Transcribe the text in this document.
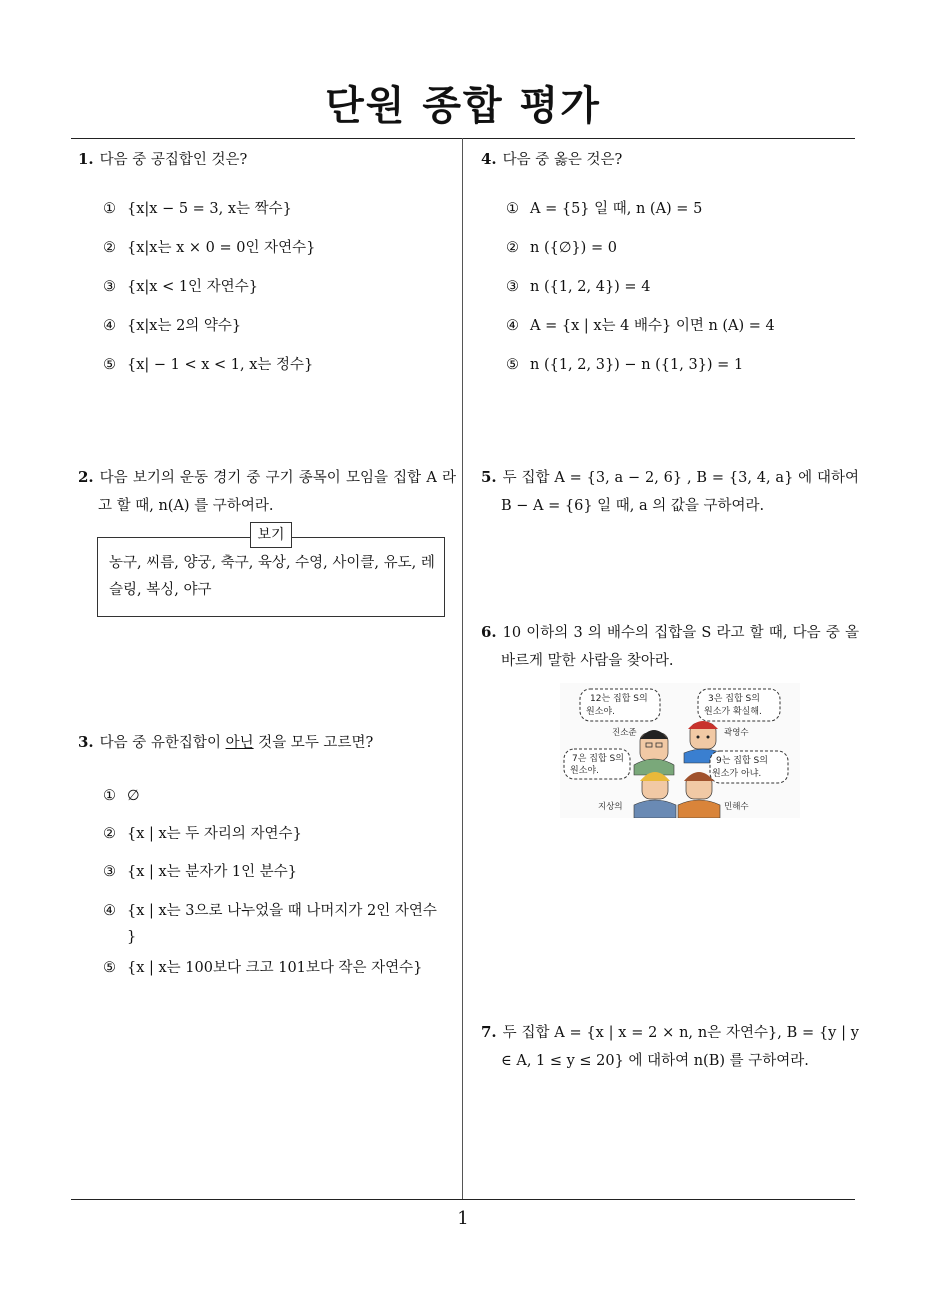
단원 종합 평가
1
1. 다음 중 공집합인 것은?
① {x|x − 5 = 3, x는 짝수}
② {x|x는 x × 0 = 0인 자연수}
③ {x|x < 1인 자연수}
④ {x|x는 2의 약수}
⑤ {x| − 1 < x < 1, x는 정수}
2. 다음 보기의 운동 경기 중 구기 종목이 모임을 집합 A 라고 할 때, n(A) 를 구하여라.
보기
농구, 씨름, 양궁, 축구, 육상, 수영, 사이클, 유도, 레슬링, 복싱, 야구
3. 다음 중 유한집합이 아닌 것을 모두 고르면?
① ∅
② {x | x는 두 자리의 자연수}
③ {x | x는 분자가 1인 분수}
④ {x | x는 3으로 나누었을 때 나머지가 2인 자연수
}
⑤ {x | x는 100보다 크고 101보다 작은 자연수}
4. 다음 중 옳은 것은?
① A = {5} 일 때, n (A) = 5
② n ({∅}) = 0
③ n ({1, 2, 4}) = 4
④ A = {x | x는 4 배수} 이면 n (A) = 4
⑤ n ({1, 2, 3}) − n ({1, 3}) = 1
5. 두 집합 A = {3, a − 2, 6} , B = {3, 4, a} 에 대하여 B − A = {6} 일 때, a 의 값을 구하여라.
6. 10 이하의 3 의 배수의 집합을 S 라고 할 때, 다음 중 올바르게 말한 사람을 찾아라.
12는 집합 S의
원소야.
3은 집합 S의
원소가 확실해.
진소준	곽영수
7은 집합 S의
원소야.
9는 집합 S의
원소가 아냐.
지상의	민해수
7. 두 집합 A = {x | x = 2 × n, n은 자연수}, B = {y | y ∈ A, 1 ≤ y ≤ 20} 에 대하여 n(B) 를 구하여라.
